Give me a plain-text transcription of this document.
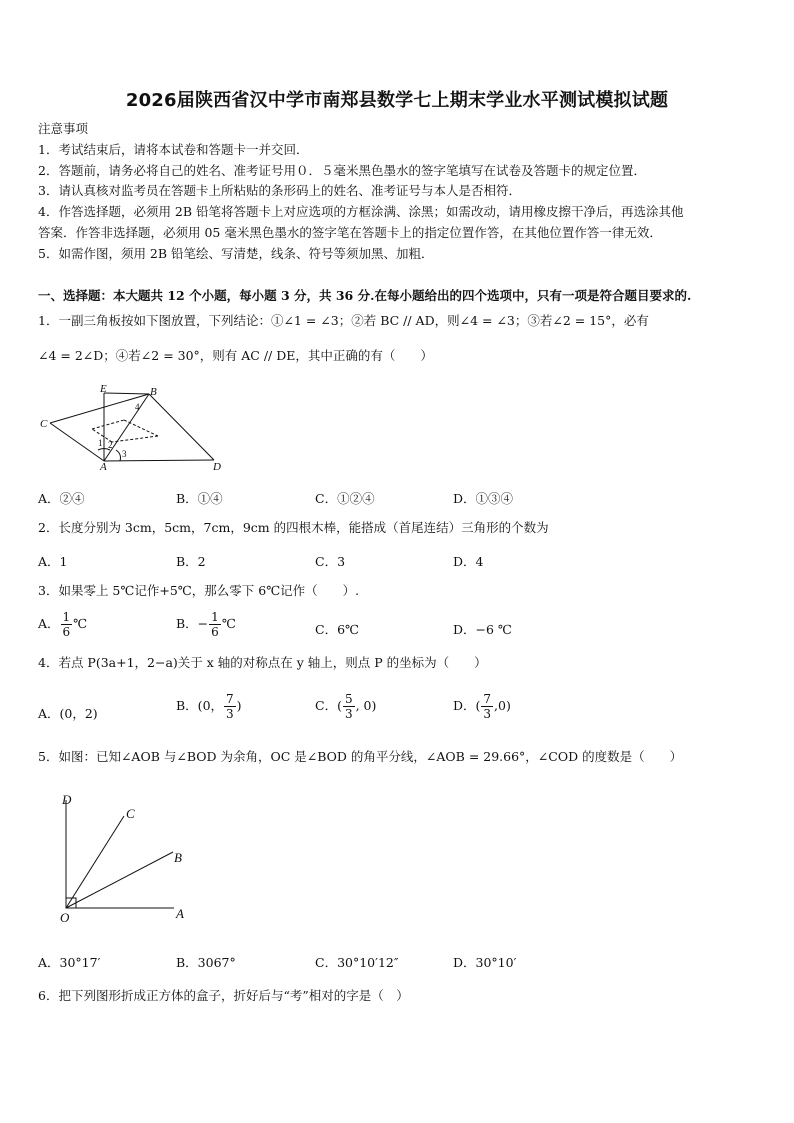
2026届陕西省汉中学市南郑县数学七上期末学业水平测试模拟试题
注意事项
1．考试结束后，请将本试卷和答题卡一并交回．
2．答题前，请务必将自己的姓名、准考证号用０．５毫米黑色墨水的签字笔填写在试卷及答题卡的规定位置．
3．请认真核对监考员在答题卡上所粘贴的条形码上的姓名、准考证号与本人是否相符．
4．作答选择题，必须用 2B 铅笔将答题卡上对应选项的方框涂满、涂黑；如需改动，请用橡皮擦干净后，再选涂其他
答案．作答非选择题，必须用 05 毫米黑色墨水的签字笔在答题卡上的指定位置作答，在其他位置作答一律无效．
5．如需作图，须用 2B 铅笔绘、写清楚，线条、符号等须加黑、加粗．
一、选择题：本大题共 12 个小题，每小题 3 分，共 36 分.在每小题给出的四个选项中，只有一项是符合题目要求的.
1．一副三角板按如下图放置，下列结论：①∠1 = ∠3；②若 BC // AD，则∠4 = ∠3；③若∠2 = 15°，必有
∠4 = 2∠D；④若∠2 = 30°，则有 AC // DE，其中正确的有（　　）
E	B
C
A	D
1 2
3
4
A．②④	B．①④	C．①②④	D．①③④
2．长度分别为 3cm，5cm，7cm，9cm 的四根木棒，能搭成（首尾连结）三角形的个数为
A．1	B．2	C．3	D．4
3．如果零上 5℃记作+5℃，那么零下 6℃记作（　　）.
A． $\frac{1}{6}$ ℃	B．− $\frac{1}{6}$ ℃	C．6℃	D．−6 ℃
4．若点 P(3a+1，2−a)关于 x 轴的对称点在 y 轴上，则点 P 的坐标为（　　）
A．(0，2)
B．(0， $\frac{7}{3}$ )	C．( $\frac{5}{3}$ , 0)	D．( $\frac{7}{3} ,0$)
5．如图：已知∠AOB 与∠BOD 为余角，OC 是∠BOD 的角平分线，∠AOB = 29.66°，∠COD 的度数是（　　）
D
C
B
O	A
A．30°17′	B．3067°	C．30°10′12″	D．30°10′
6．把下列图形折成正方体的盒子，折好后与“考”相对的字是（　）
